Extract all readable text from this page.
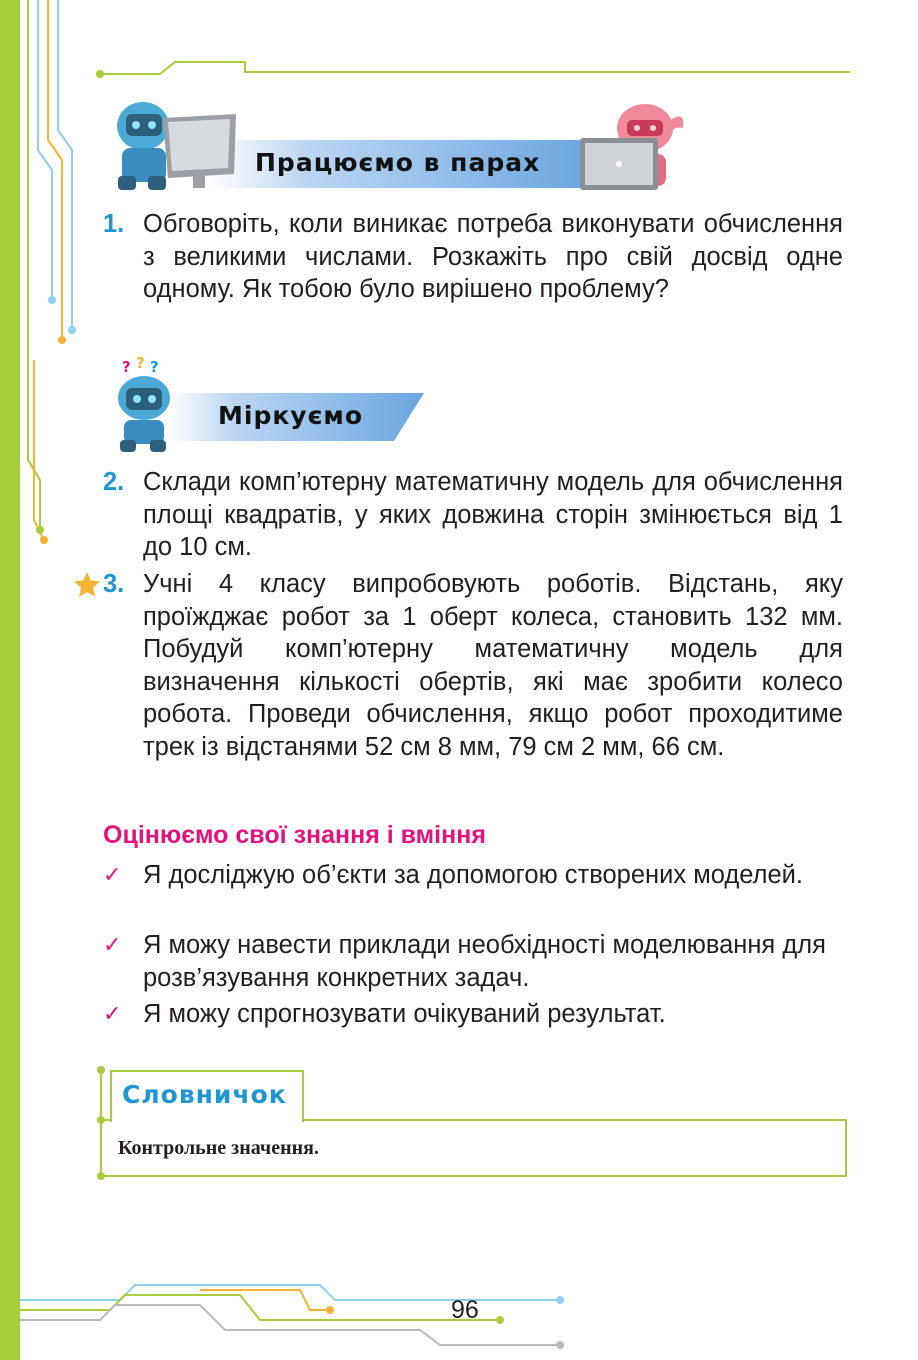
Працюємо в парах
1. Обговоріть, коли виникає потреба виконувати обчислення з великими числами. Розкажіть про свій досвід одне одному. Як тобою було вирішено проблему?
Міркуємо
? ? ?
2. Склади комп’ютерну математичну модель для обчислення площі квадратів, у яких довжина сторін змінюється від 1 до 10 см.
3. Учні 4 класу випробовують роботів. Відстань, яку проїжджає робот за 1 оберт колеса, становить 132 мм. Побудуй комп’ютерну математичну модель для визначення кількості обертів, які має зробити колесо робота. Проведи обчислення, якщо робот проходитиме трек із відстанями 52 см 8 мм, 79 см 2 мм, 66 см.
Оцінюємо свої знання і вміння
✓ Я досліджую об’єкти за допомогою створених моделей.
✓ Я можу навести приклади необхідності моделювання для розв’язування конкретних задач.
✓ Я можу спрогнозувати очікуваний результат.
Словничок
Контрольне значення.
96
